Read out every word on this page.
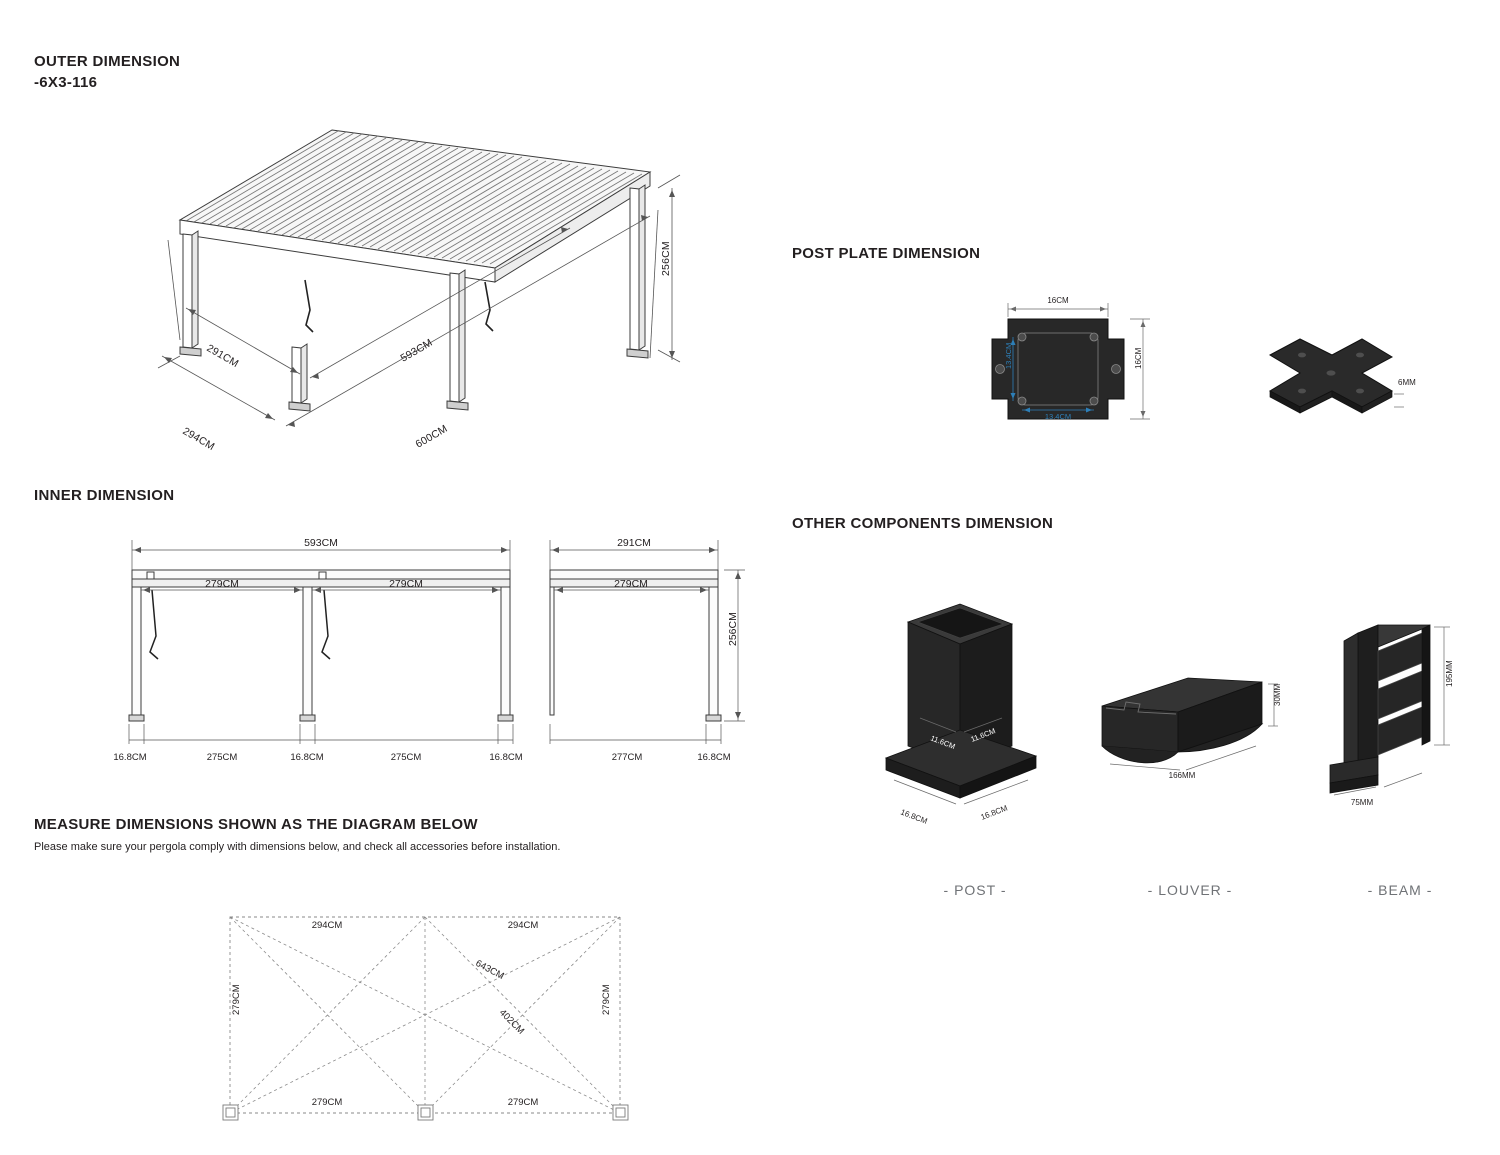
OUTER DIMENSION
-6X3-116
256CM
291CM	593CM
294CM	600CM
INNER DIMENSION
593CM
279CM	279CM
16.8CM	275CM	16.8CM	275CM	16.8CM
291CM
279CM
256CM
277CM	16.8CM
MEASURE DIMENSIONS SHOWN AS THE DIAGRAM BELOW
Please make sure your pergola comply with dimensions below, and check all accessories before installation.
294CM	294CM
643CM
402CM
279CM	279CM
279CM	279CM
POST PLATE DIMENSION
16CM
16CM
13.4CM
13.4CM
6MM
OTHER COMPONENTS DIMENSION
11.6CM 11.6CM
16.8CM	16.8CM
- POST -
30MM
166MM
- LOUVER -
195MM
75MM
- BEAM -
